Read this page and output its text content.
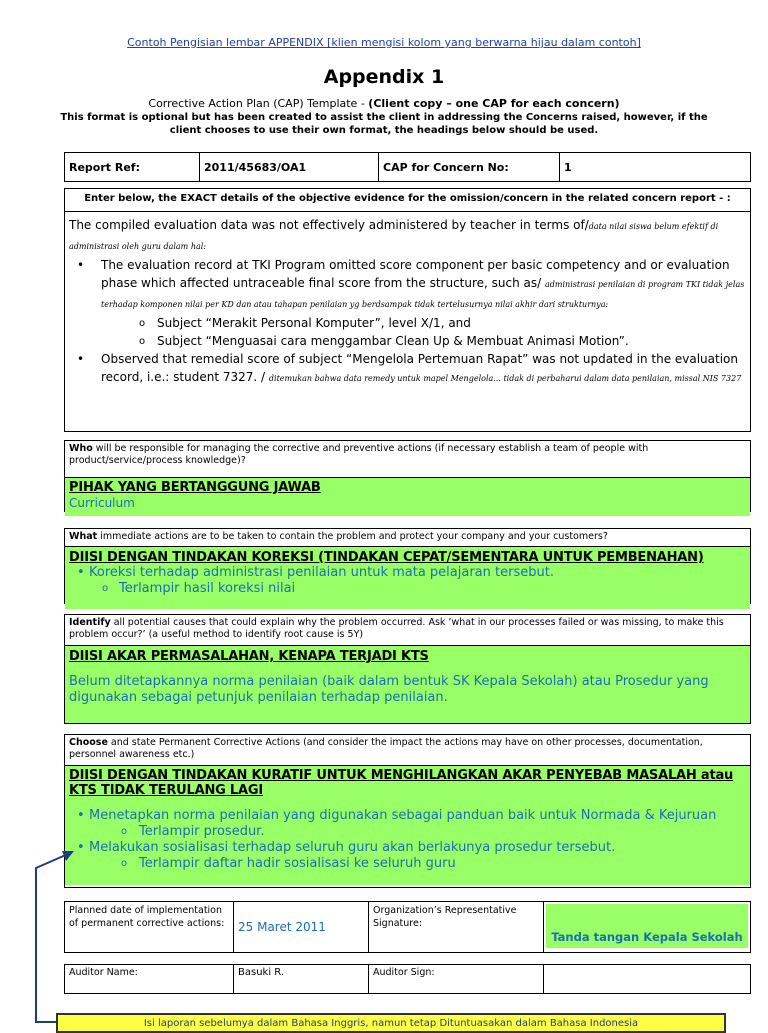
Contoh Pengisian lembar APPENDIX [klien mengisi kolom yang berwarna hijau dalam contoh]
Appendix 1
Corrective Action Plan (CAP) Template - (Client copy – one CAP for each concern)
This format is optional but has been created to assist the client in addressing the Concerns raised, however, if the client chooses to use their own format, the headings below should be used.
Report Ref:	2011/45683/OA1	CAP for Concern No:	1
Enter below, the EXACT details of the objective evidence for the omission/concern in the related concern report - :
The compiled evaluation data was not effectively administered by teacher in terms of/data nilai siswa belum efektif di administrasi oleh guru dalam hal:
• The evaluation record at TKI Program omitted score component per basic competency and or evaluation phase which affected untraceable final score from the structure, such as/ administrasi penilaian di program TKI tidak jelas terhadap komponen nilai per KD dan atau tahapan penilaian yg berdsampak tidak tertelusurnya nilai akhir dari strukturnya:
o Subject “Merakit Personal Komputer”, level X/1, and
o Subject “Menguasai cara menggambar Clean Up & Membuat Animasi Motion”.
• Observed that remedial score of subject “Mengelola Pertemuan Rapat” was not updated in the evaluation record, i.e.: student 7327. / ditemukan bahwa data remedy untuk mapel Mengelola... tidak di perbaharui dalam data penilaian, missal NIS 7327
Who will be responsible for managing the corrective and preventive actions (if necessary establish a team of people with product/service/process knowledge)?
PIHAK YANG BERTANGGUNG JAWAB
Curriculum
What immediate actions are to be taken to contain the problem and protect your company and your customers?
DIISI DENGAN TINDAKAN KOREKSI (TINDAKAN CEPAT/SEMENTARA UNTUK PEMBENAHAN)
• Koreksi terhadap administrasi penilaian untuk mata pelajaran tersebut.
o Terlampir hasil koreksi nilai
Identify all potential causes that could explain why the problem occurred. Ask ‘what in our processes failed or was missing, to make this problem occur?’ (a useful method to identify root cause is 5Y)
DIISI AKAR PERMASALAHAN, KENAPA TERJADI KTS
Belum ditetapkannya norma penilaian (baik dalam bentuk SK Kepala Sekolah) atau Prosedur yang digunakan sebagai petunjuk penilaian terhadap penilaian.
Choose and state Permanent Corrective Actions (and consider the impact the actions may have on other processes, documentation, personnel awareness etc.)
DIISI DENGAN TINDAKAN KURATIF UNTUK MENGHILANGKAN AKAR PENYEBAB MASALAH atau KTS TIDAK TERULANG LAGI
• Menetapkan norma penilaian yang digunakan sebagai panduan baik untuk Normada & Kejuruan
o Terlampir prosedur.
• Melakukan sosialisasi terhadap seluruh guru akan berlakunya prosedur tersebut.
o Terlampir daftar hadir sosialisasi ke seluruh guru
Planned date of implementation of permanent corrective actions:	25 Maret 2011	Organization’s Representative Signature:	
Tanda tangan Kepala Sekolah
Auditor Name:	Basuki R.	Auditor Sign:	
Isi laporan sebelumya dalam Bahasa Inggris, namun tetap Dituntuasakan dalam Bahasa Indonesia
